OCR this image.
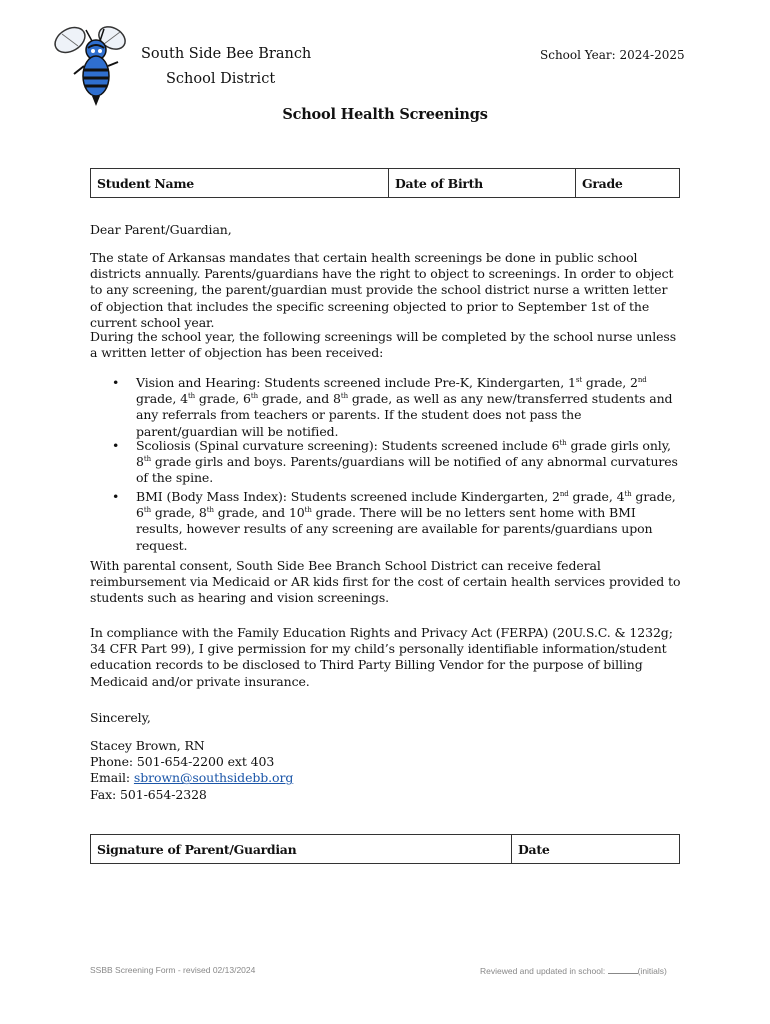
South Side Bee Branch
School District
School Year: 2024-2025
School Health Screenings
Student Name	Date of Birth	Grade

Dear Parent/Guardian,

The state of Arkansas mandates that certain health screenings be done in public school districts annually. Parents/guardians have the right to object to screenings. In order to object to any screening, the parent/guardian must provide the school district nurse a written letter of objection that includes the specific screening objected to prior to September 1st of the current school year.

During the school year, the following screenings will be completed by the school nurse unless a written letter of objection has been received:

• Vision and Hearing: Students screened include Pre-K, Kindergarten, 1st grade, 2nd grade, 4th grade, 6th grade, and 8th grade, as well as any new/transferred students and any referrals from teachers or parents. If the student does not pass the parent/guardian will be notified.
• Scoliosis (Spinal curvature screening): Students screened include 6th grade girls only, 8th grade girls and boys. Parents/guardians will be notified of any abnormal curvatures of the spine.
• BMI (Body Mass Index): Students screened include Kindergarten, 2nd grade, 4th grade, 6th grade, 8th grade, and 10th grade. There will be no letters sent home with BMI results, however results of any screening are available for parents/guardians upon request.

With parental consent, South Side Bee Branch School District can receive federal reimbursement via Medicaid or AR kids first for the cost of certain health services provided to students such as hearing and vision screenings.

In compliance with the Family Education Rights and Privacy Act (FERPA) (20U.S.C. & 1232g; 34 CFR Part 99), I give permission for my child’s personally identifiable information/student education records to be disclosed to Third Party Billing Vendor for the purpose of billing Medicaid and/or private insurance.

Sincerely,

Stacey Brown, RN

Phone: 501-654-2200 ext 403

Email: sbrown@southsidebb.org

Fax: 501-654-2328

Signature of Parent/Guardian	Date
SSBB Screening Form - revised 02/13/2024	Reviewed and updated in school:	(initials)
